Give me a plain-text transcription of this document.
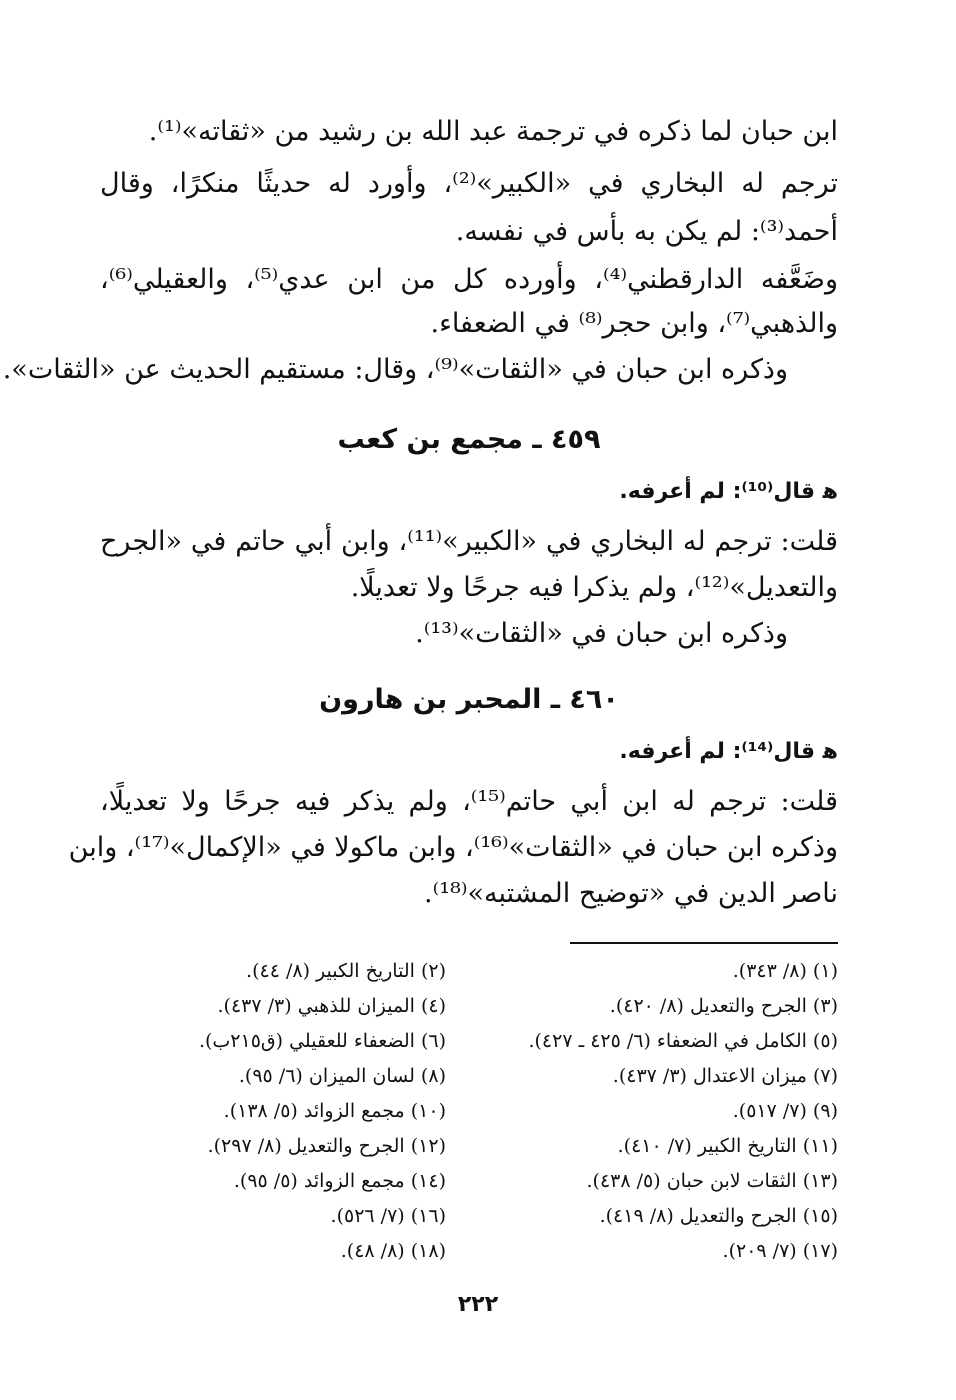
ابن حبان لما ذكره في ترجمة عبد الله بن رشيد من «ثقاته»⁽¹⁾.
ترجم له البخاري في «الكبير»⁽²⁾، وأورد له حديثًا منكرًا، وقال
أحمد⁽³⁾: لم يكن به بأس في نفسه.
وضَعَّفه الدارقطني⁽⁴⁾، وأورده كل من ابن عدي⁽⁵⁾، والعقيلي⁽⁶⁾،
والذهبي⁽⁷⁾، وابن حجر⁽⁸⁾ في الضعفاء.
وذكره ابن حبان في «الثقات»⁽⁹⁾، وقال: مستقيم الحديث عن «الثقات».
٤٥٩ ـ مجمع بن كعب
ﻫ قال⁽¹⁰⁾: لم أعرفه.
قلت: ترجم له البخاري في «الكبير»⁽¹¹⁾، وابن أبي حاتم في «الجرح
والتعديل»⁽¹²⁾، ولم يذكرا فيه جرحًا ولا تعديلًا.
وذكره ابن حبان في «الثقات»⁽¹³⁾.
٤٦٠ ـ المحبر بن هارون
ﻫ قال⁽¹⁴⁾: لم أعرفه.
قلت: ترجم له ابن أبي حاتم⁽¹⁵⁾، ولم يذكر فيه جرحًا ولا تعديلًا،
وذكره ابن حبان في «الثقات»⁽¹⁶⁾، وابن ماكولا في «الإكمال»⁽¹⁷⁾، وابن
ناصر الدين في «توضيح المشتبه»⁽¹⁸⁾.
(١) (٨/ ٣٤٣).
(٣) الجرح والتعديل (٨/ ٤٢٠).
(٥) الكامل في الضعفاء (٦/ ٤٢٥ ـ ٤٢٧).
(٧) ميزان الاعتدال (٣/ ٤٣٧).
(٩) (٧/ ٥١٧).
(١١) التاريخ الكبير (٧/ ٤١٠).
(١٣) الثقات لابن حبان (٥/ ٤٣٨).
(١٥) الجرح والتعديل (٨/ ٤١٩).
(١٧) (٧/ ٢٠٩).
(٢) التاريخ الكبير (٨/ ٤٤).
(٤) الميزان للذهبي (٣/ ٤٣٧).
(٦) الضعفاء للعقيلي (ق٢١٥ب).
(٨) لسان الميزان (٦/ ٩٥).
(١٠) مجمع الزوائد (٥/ ١٣٨).
(١٢) الجرح والتعديل (٨/ ٢٩٧).
(١٤) مجمع الزوائد (٥/ ٩٥).
(١٦) (٧/ ٥٢٦).
(١٨) (٨/ ٤٨).
٢٢٢
